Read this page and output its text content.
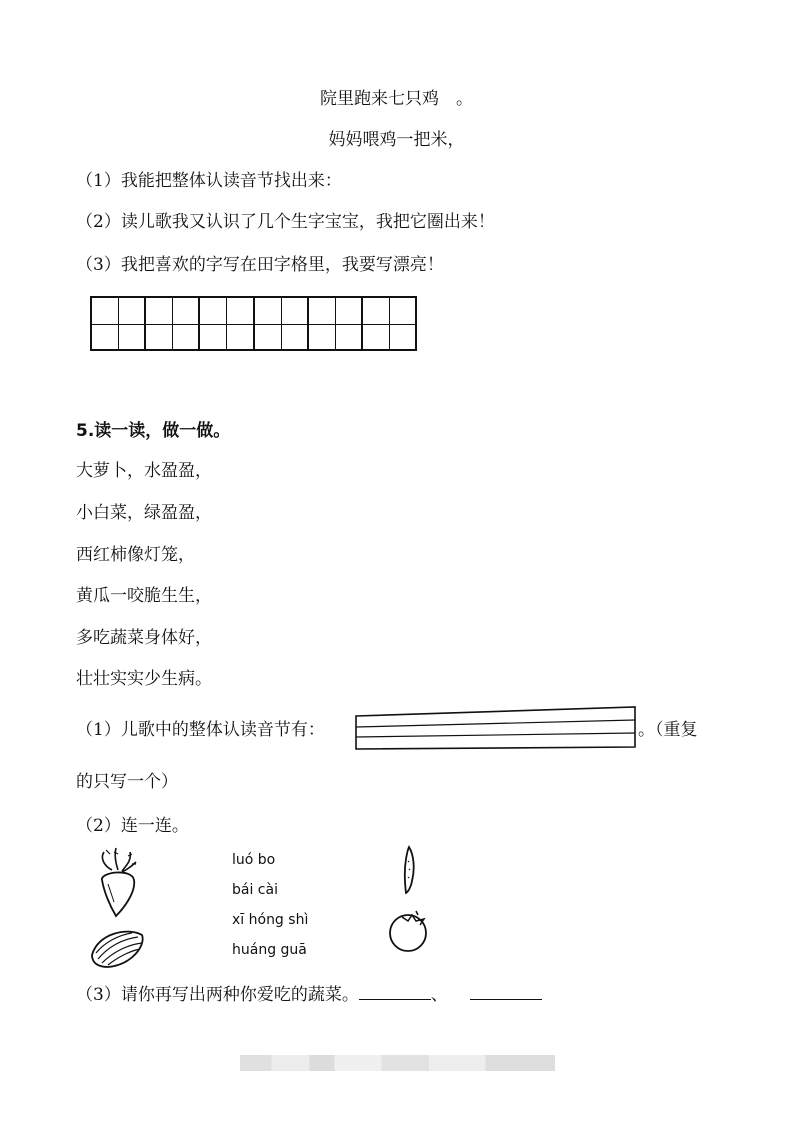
院里跑来七只鸡　。
妈妈喂鸡一把米，
（1）我能把整体认读音节找出来：
（2）读儿歌我又认识了几个生字宝宝，我把它圈出来！
（3）我把喜欢的字写在田字格里，我要写漂亮！
5.读一读，做一做。
大萝卜，水盈盈，
小白菜，绿盈盈，
西红柿像灯笼，
黄瓜一咬脆生生，
多吃蔬菜身体好，
壮壮实实少生病。
（1）儿歌中的整体认读音节有：	。（重复
的只写一个）
（2）连一连。
luó bo
bái cài
xī hóng shì
huáng guā
（3）请你再写出两种你爱吃的蔬菜。	、
